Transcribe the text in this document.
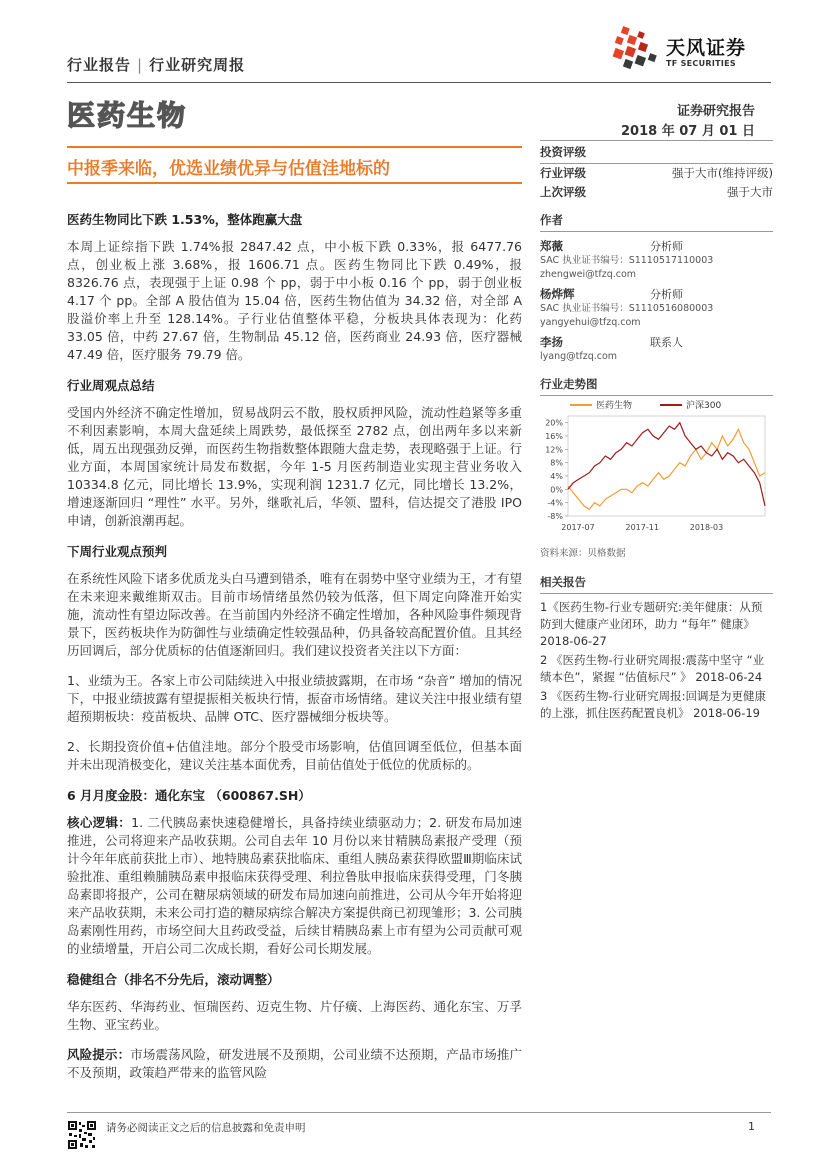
行业报告 | 行业研究周报
天风证券
TF SECURITIES
医药生物	证券研究报告
2018 年 07 月 01 日
中报季来临，优选业绩优异与估值洼地标的
医药生物同比下跌 1.53%，整体跑赢大盘
本周上证综指下跌 1.74%报 2847.42 点，中小板下跌 0.33%，报 6477.76 点，创业板上涨 3.68%，报 1606.71 点。医药生物同比下跌 0.49%，报 8326.76 点，表现强于上证 0.98 个 pp，弱于中小板 0.16 个 pp，弱于创业板 4.17 个 pp。全部 A 股估值为 15.04 倍，医药生物估值为 34.32 倍，对全部 A 股溢价率上升至 128.14%。子行业估值整体平稳，分板块具体表现为：化药 33.05 倍，中药 27.67 倍，生物制品 45.12 倍，医药商业 24.93 倍，医疗器械 47.49 倍，医疗服务 79.79 倍。
行业周观点总结
受国内外经济不确定性增加，贸易战阴云不散，股权质押风险，流动性趋紧等多重不利因素影响，本周大盘延续上周跌势，最低探至 2782 点，创出两年多以来新低，周五出现强劲反弹，而医药生物指数整体跟随大盘走势，表现略强于上证。行业方面，本周国家统计局发布数据，今年 1-5 月医药制造业实现主营业务收入 10334.8 亿元，同比增长 13.9%，实现利润 1231.7 亿元，同比增长 13.2%，增速逐渐回归 “理性” 水平。另外，继歌礼后，华领、盟科，信达提交了港股 IPO 申请，创新浪潮再起。
下周行业观点预判
在系统性风险下诸多优质龙头白马遭到错杀，唯有在弱势中坚守业绩为王，才有望在未来迎来戴维斯双击。目前市场情绪虽然仍较为低落，但下周定向降准开始实施，流动性有望边际改善。在当前国内外经济不确定性增加，各种风险事件频现背景下，医药板块作为防御性与业绩确定性较强品种，仍具备较高配置价值。且其经历回调后，部分优质标的估值逐渐回归。我们建议投资者关注以下方面：
1、业绩为王。各家上市公司陆续进入中报业绩披露期，在市场 “杂音” 增加的情况下，中报业绩披露有望提振相关板块行情，振奋市场情绪。建议关注中报业绩有望超预期板块：疫苗板块、品牌 OTC、医疗器械细分板块等。
2、长期投资价值+估值洼地。部分个股受市场影响，估值回调至低位，但基本面并未出现消极变化，建议关注基本面优秀，目前估值处于低位的优质标的。
6 月月度金股：通化东宝 （600867.SH）
核心逻辑：1. 二代胰岛素快速稳健增长，具备持续业绩驱动力；2. 研发布局加速推进，公司将迎来产品收获期。公司自去年 10 月份以来甘精胰岛素报产受理（预计今年年底前获批上市）、地特胰岛素获批临床、重组人胰岛素获得欧盟Ⅲ期临床试验批准、重组赖脯胰岛素申报临床获得受理、利拉鲁肽申报临床获得受理，门冬胰岛素即将报产，公司在糖尿病领域的研发布局加速向前推进，公司从今年开始将迎来产品收获期，未来公司打造的糖尿病综合解决方案提供商已初现雏形；3. 公司胰岛素刚性用药，市场空间大且药政受益，后续甘精胰岛素上市有望为公司贡献可观的业绩增量，开启公司二次成长期，看好公司长期发展。
稳健组合（排名不分先后，滚动调整）
华东医药、华海药业、恒瑞医药、迈克生物、片仔癀、上海医药、通化东宝、万孚生物、亚宝药业。
风险提示：市场震荡风险，研发进展不及预期，公司业绩不达预期，产品市场推广不及预期，政策趋严带来的监管风险
投资评级
行业评级	强于大市(维持评级)
上次评级	强于大市
作者
郑薇	分析师
SAC 执业证书编号：S1110517110003
zhengwei@tfzq.com
杨烨辉	分析师
SAC 执业证书编号：S1110516080003
yangyehui@tfzq.com
李扬	联系人
lyang@tfzq.com
行业走势图
20%
16%
12%
8%
4%
0%
-4%
-8%
2017-07	2017-11	2018-03
医药生物	沪深300
资料来源：贝格数据
相关报告
1《医药生物-行业专题研究:美年健康：从预防到大健康产业闭环，助力 “每年” 健康》 2018-06-27
2 《医药生物-行业研究周报:震荡中坚守 “业绩本色”，紧握 “估值标尺” 》 2018-06-24
3 《医药生物-行业研究周报:回调是为更健康的上涨，抓住医药配置良机》 2018-06-19
请务必阅读正文之后的信息披露和免责申明	1
